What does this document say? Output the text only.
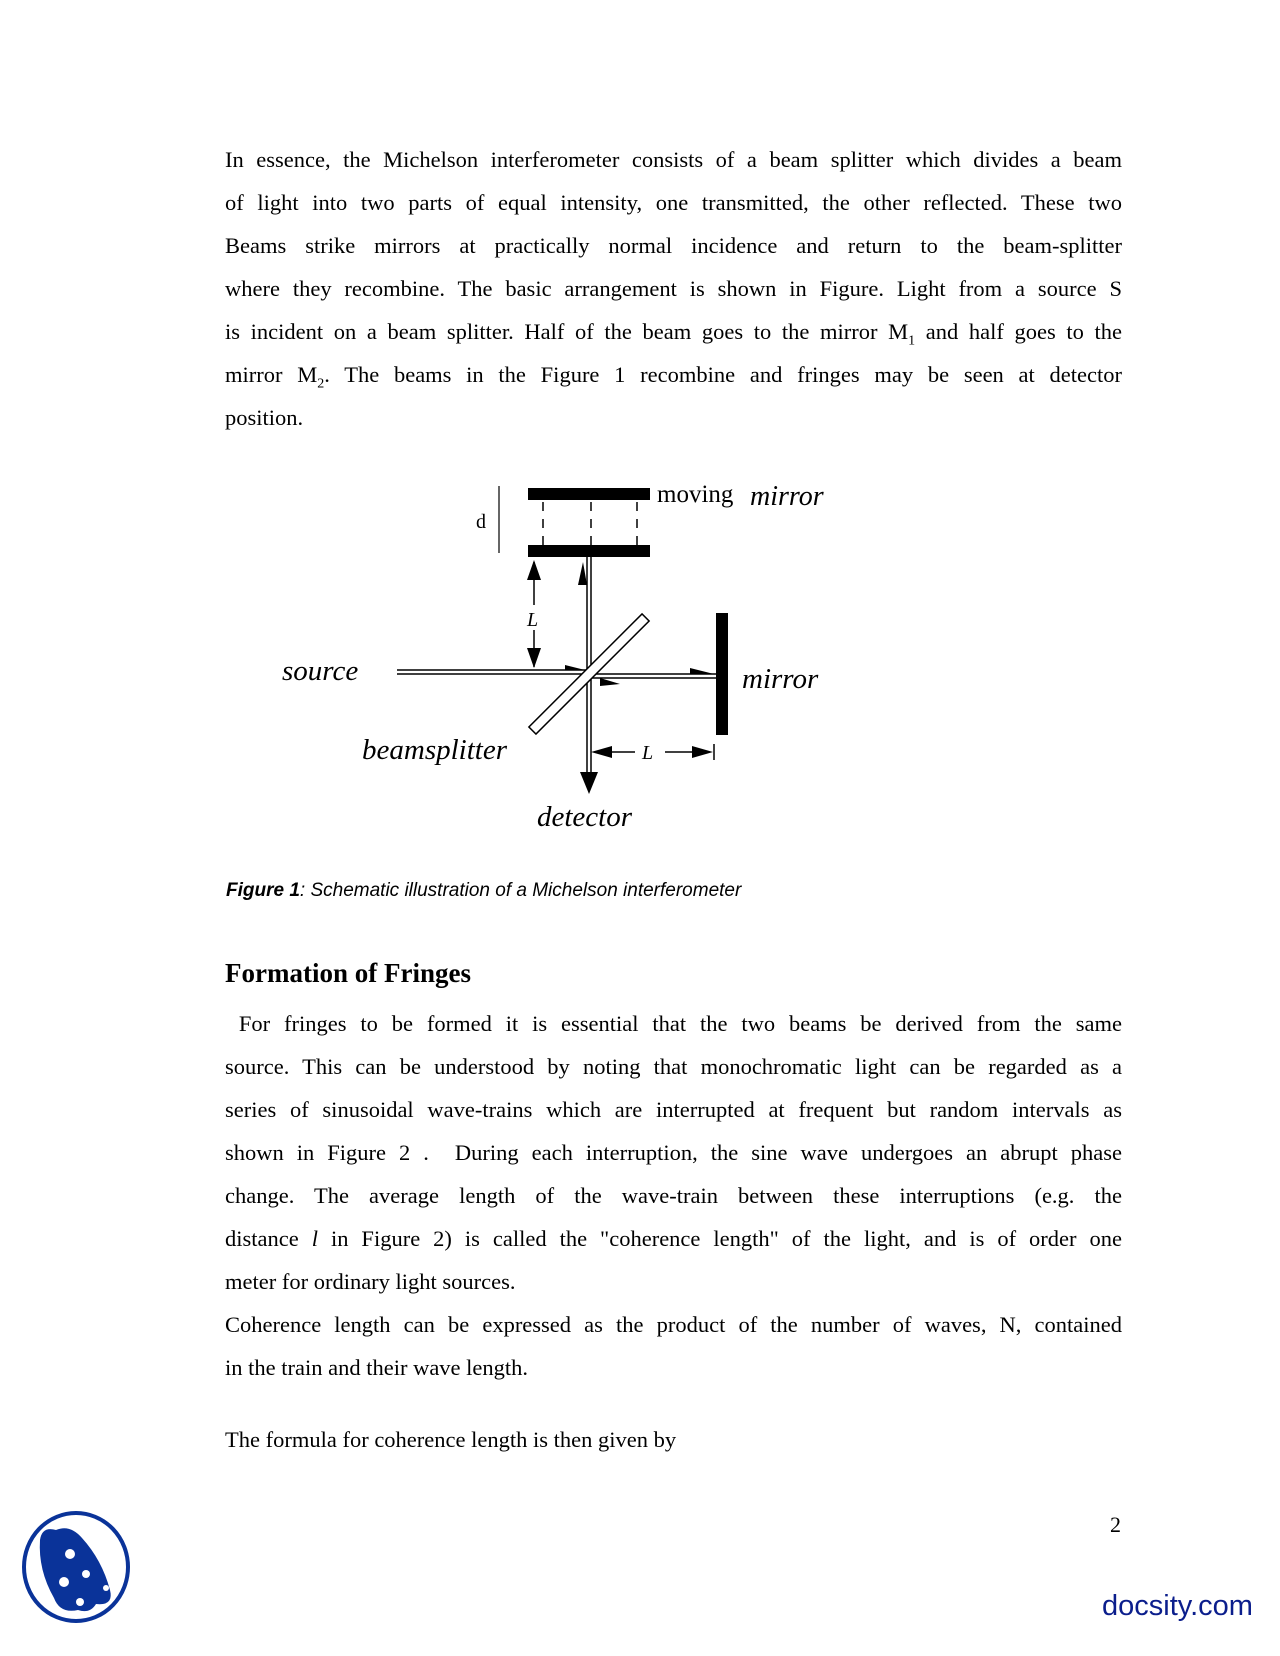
In essence, the Michelson interferometer consists of a beam splitter which divides a beam
of light into two parts of equal intensity, one transmitted, the other reflected. These two
Beams strike mirrors at practically normal incidence and return to the beam-splitter
where they recombine. The basic arrangement is shown in Figure. Light from a source S
is incident on a beam splitter. Half of the beam goes to the mirror $M_1$ and half goes to the
mirror $M_2$. The beams in the Figure 1 recombine and fringes may be seen at detector
position.
d
moving mirror
L
L
source	mirror
beamsplitter
detector
Figure 1: Schematic illustration of a Michelson interferometer
Formation of Fringes
For fringes to be formed it is essential that the two beams be derived from the same
source. This can be understood by noting that monochromatic light can be regarded as a
series of sinusoidal wave-trains which are interrupted at frequent but random intervals as
shown in Figure 2 .  During each interruption, the sine wave undergoes an abrupt phase
change. The average length of the wave-train between these interruptions (e.g. the
distance l in Figure 2) is called the "coherence length" of the light, and is of order one
meter for ordinary light sources.
Coherence length can be expressed as the product of the number of waves, N, contained
in the train and their wave length.
The formula for coherence length is then given by
2
docsity.com
